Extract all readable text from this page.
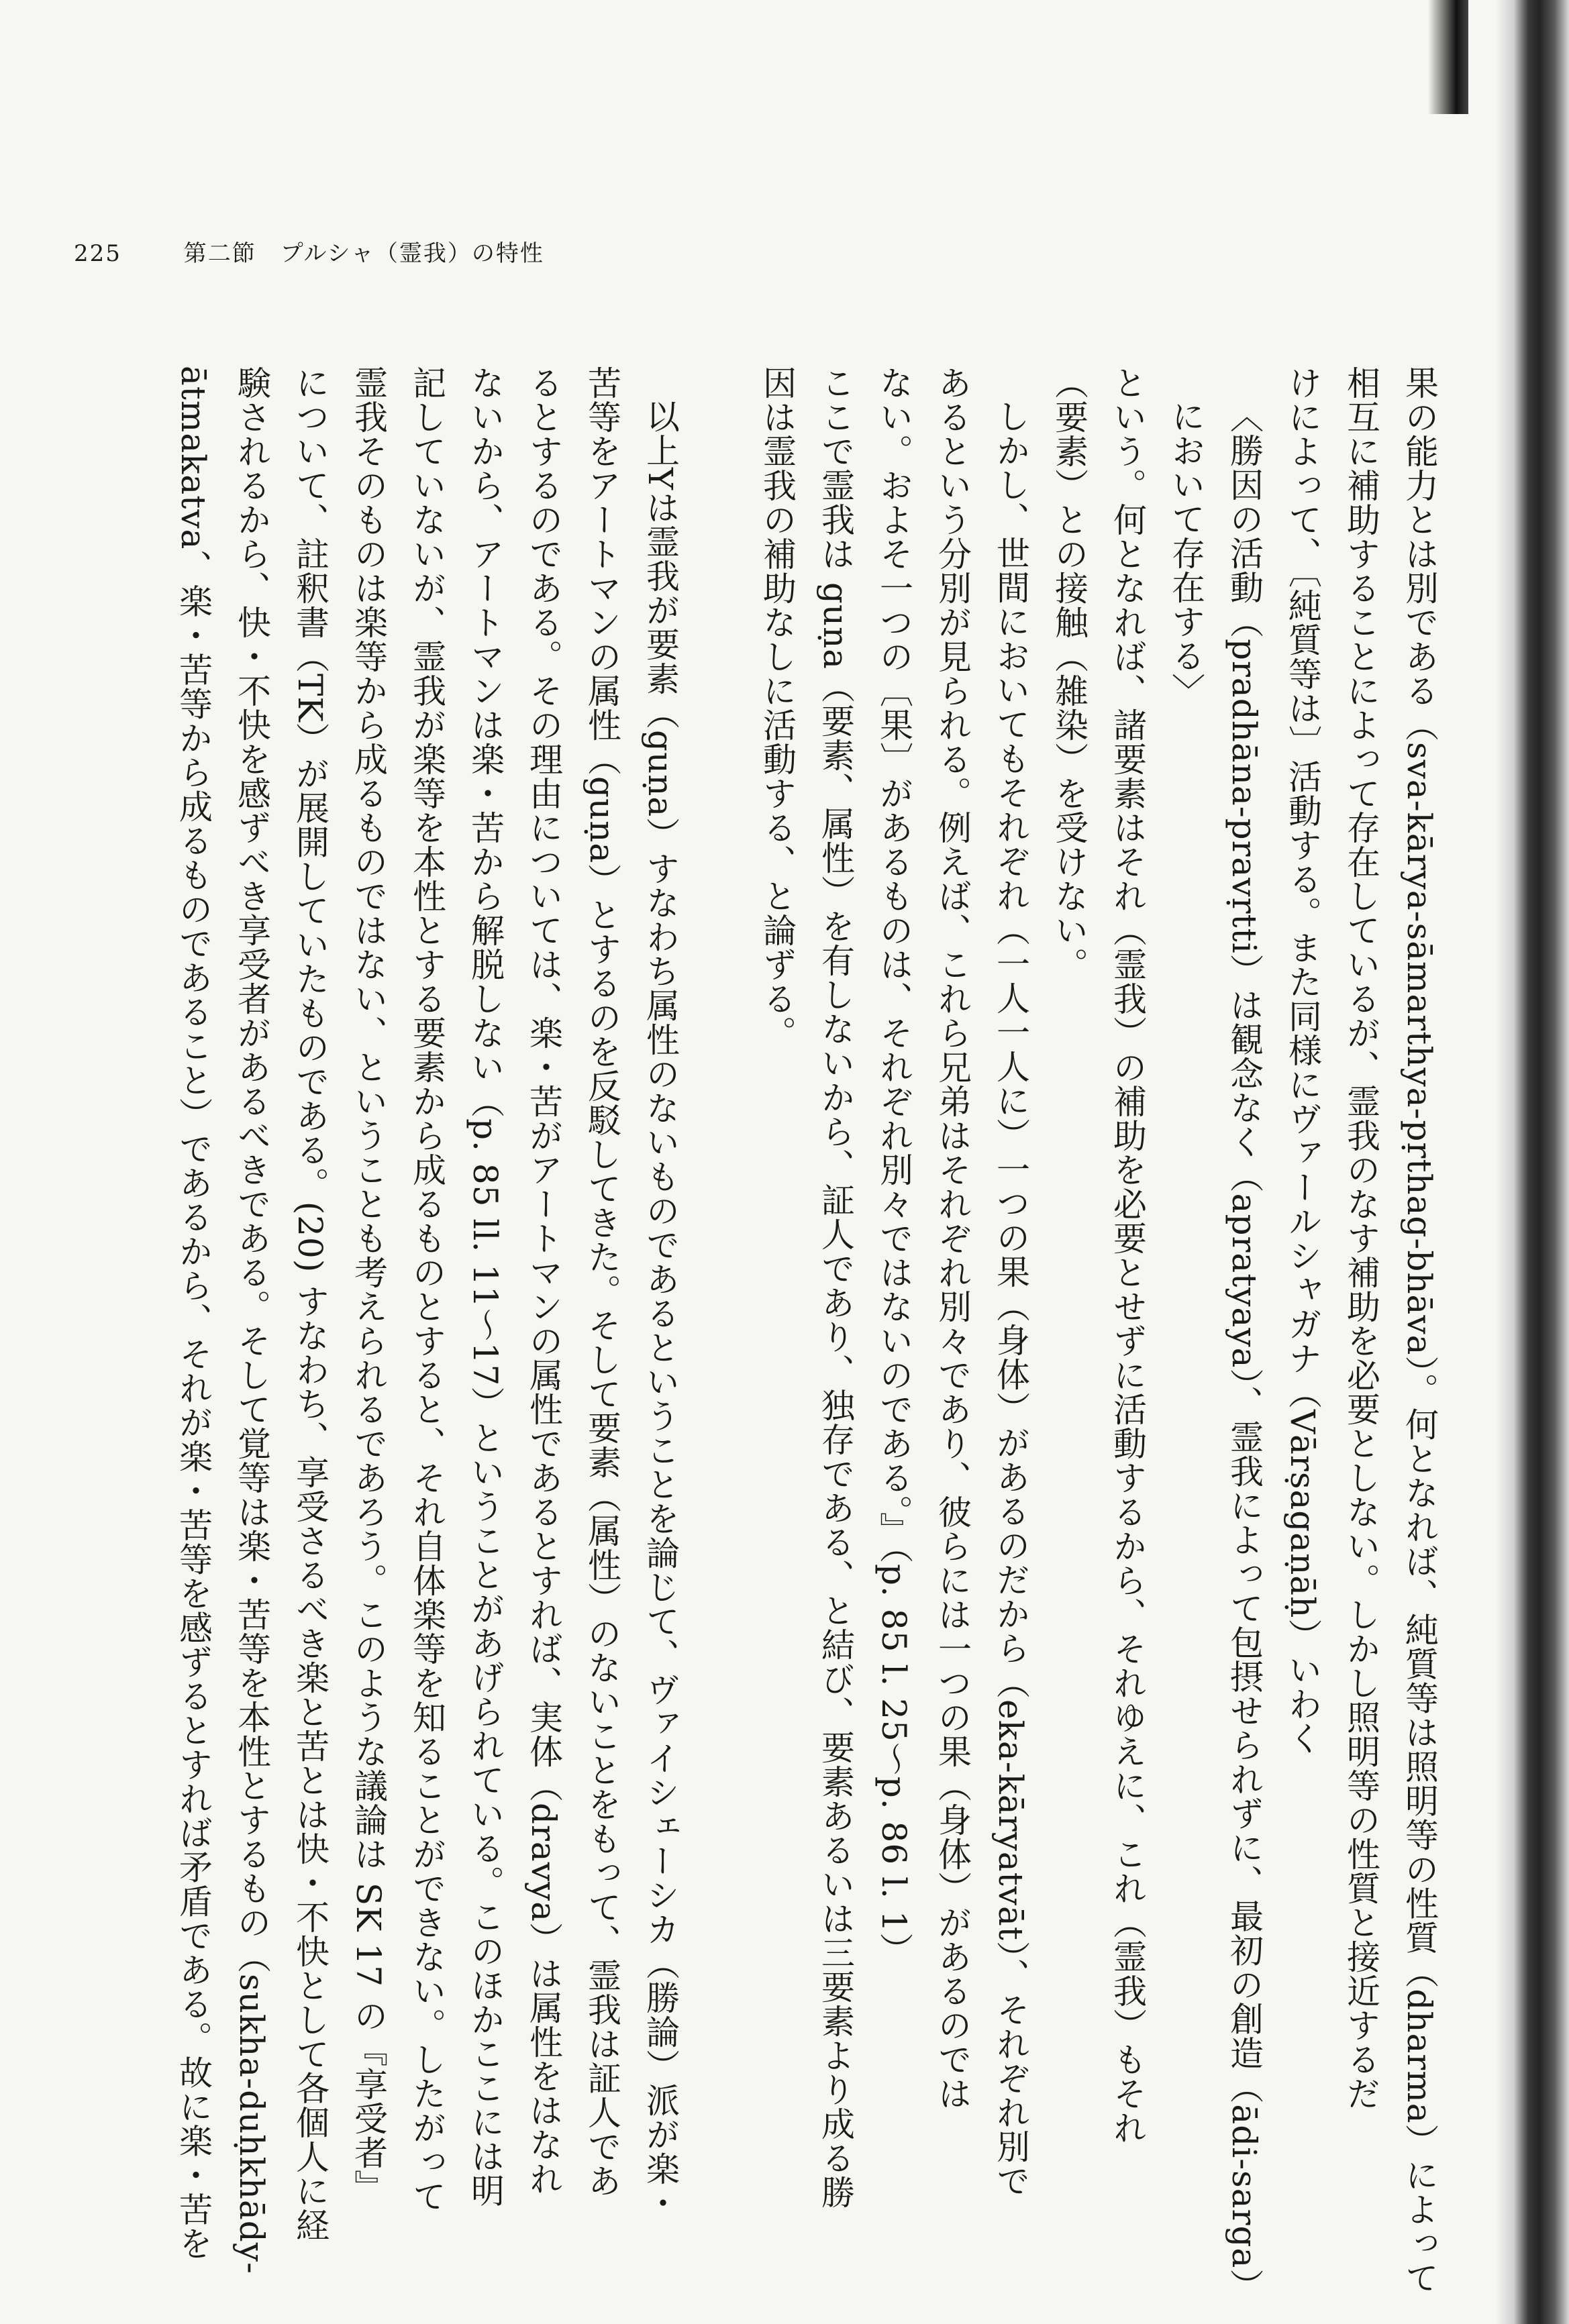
225	第二節　プルシャ（霊我）の特性
果の能力とは別である（sva-kārya-sāmarthya-pṛthag-bhāva）。何となれば、純質等は照明等の性質（dharma）によって
相互に補助することによって存在しているが、霊我のなす補助を必要としない。しかし照明等の性質と接近するだ
けによって、〔純質等は〕活動する。また同様にヴァールシャガナ（Vārṣagaṇāḥ）いわく
〈勝因の活動（pradhāna-pravṛtti）は観念なく（apratyaya）、霊我によって包摂せられずに、最初の創造（ādi-sarga）
において存在する〉
という。何となれば、諸要素はそれ（霊我）の補助を必要とせずに活動するから、それゆえに、これ（霊我）もそれ
（要素）との接触（雑染）を受けない。
しかし、世間においてもそれぞれ（一人一人に）一つの果（身体）があるのだから（eka-kāryatvāt）、それぞれ別で
あるという分別が見られる。例えば、これら兄弟はそれぞれ別々であり、彼らには一つの果（身体）があるのでは
ない。およそ一つの〔果〕があるものは、それぞれ別々ではないのである。』（p. 85 l. 25〜p. 86 l. 1）
ここで霊我は guṇa（要素、属性）を有しないから、証人であり、独存である、と結び、要素あるいは三要素より成る勝
因は霊我の補助なしに活動する、と論ずる。
以上Yは霊我が要素（guṇa）すなわち属性のないものであるということを論じて、ヴァイシェーシカ（勝論）派が楽・
苦等をアートマンの属性（guṇa）とするのを反駁してきた。そして要素（属性）のないことをもって、霊我は証人であ
るとするのである。その理由については、楽・苦がアートマンの属性であるとすれば、実体（dravya）は属性をはなれ
ないから、アートマンは楽・苦から解脱しない（p. 85 ll. 11〜17）ということがあげられている。このほかここには明
記していないが、霊我が楽等を本性とする要素から成るものとすると、それ自体楽等を知ることができない。したがって
霊我そのものは楽等から成るものではない、ということも考えられるであろう。このような議論は SK 17 の『享受者』
について、註釈書（TK）が展開していたものである。(20) すなわち、享受さるべき楽と苦とは快・不快として各個人に経
験されるから、快・不快を感ずべき享受者があるべきである。そして覚等は楽・苦等を本性とするもの（sukha-duḥkhādy-
ātmakatva、楽・苦等から成るものであること）であるから、それが楽・苦等を感ずるとすれば矛盾である。故に楽・苦を
